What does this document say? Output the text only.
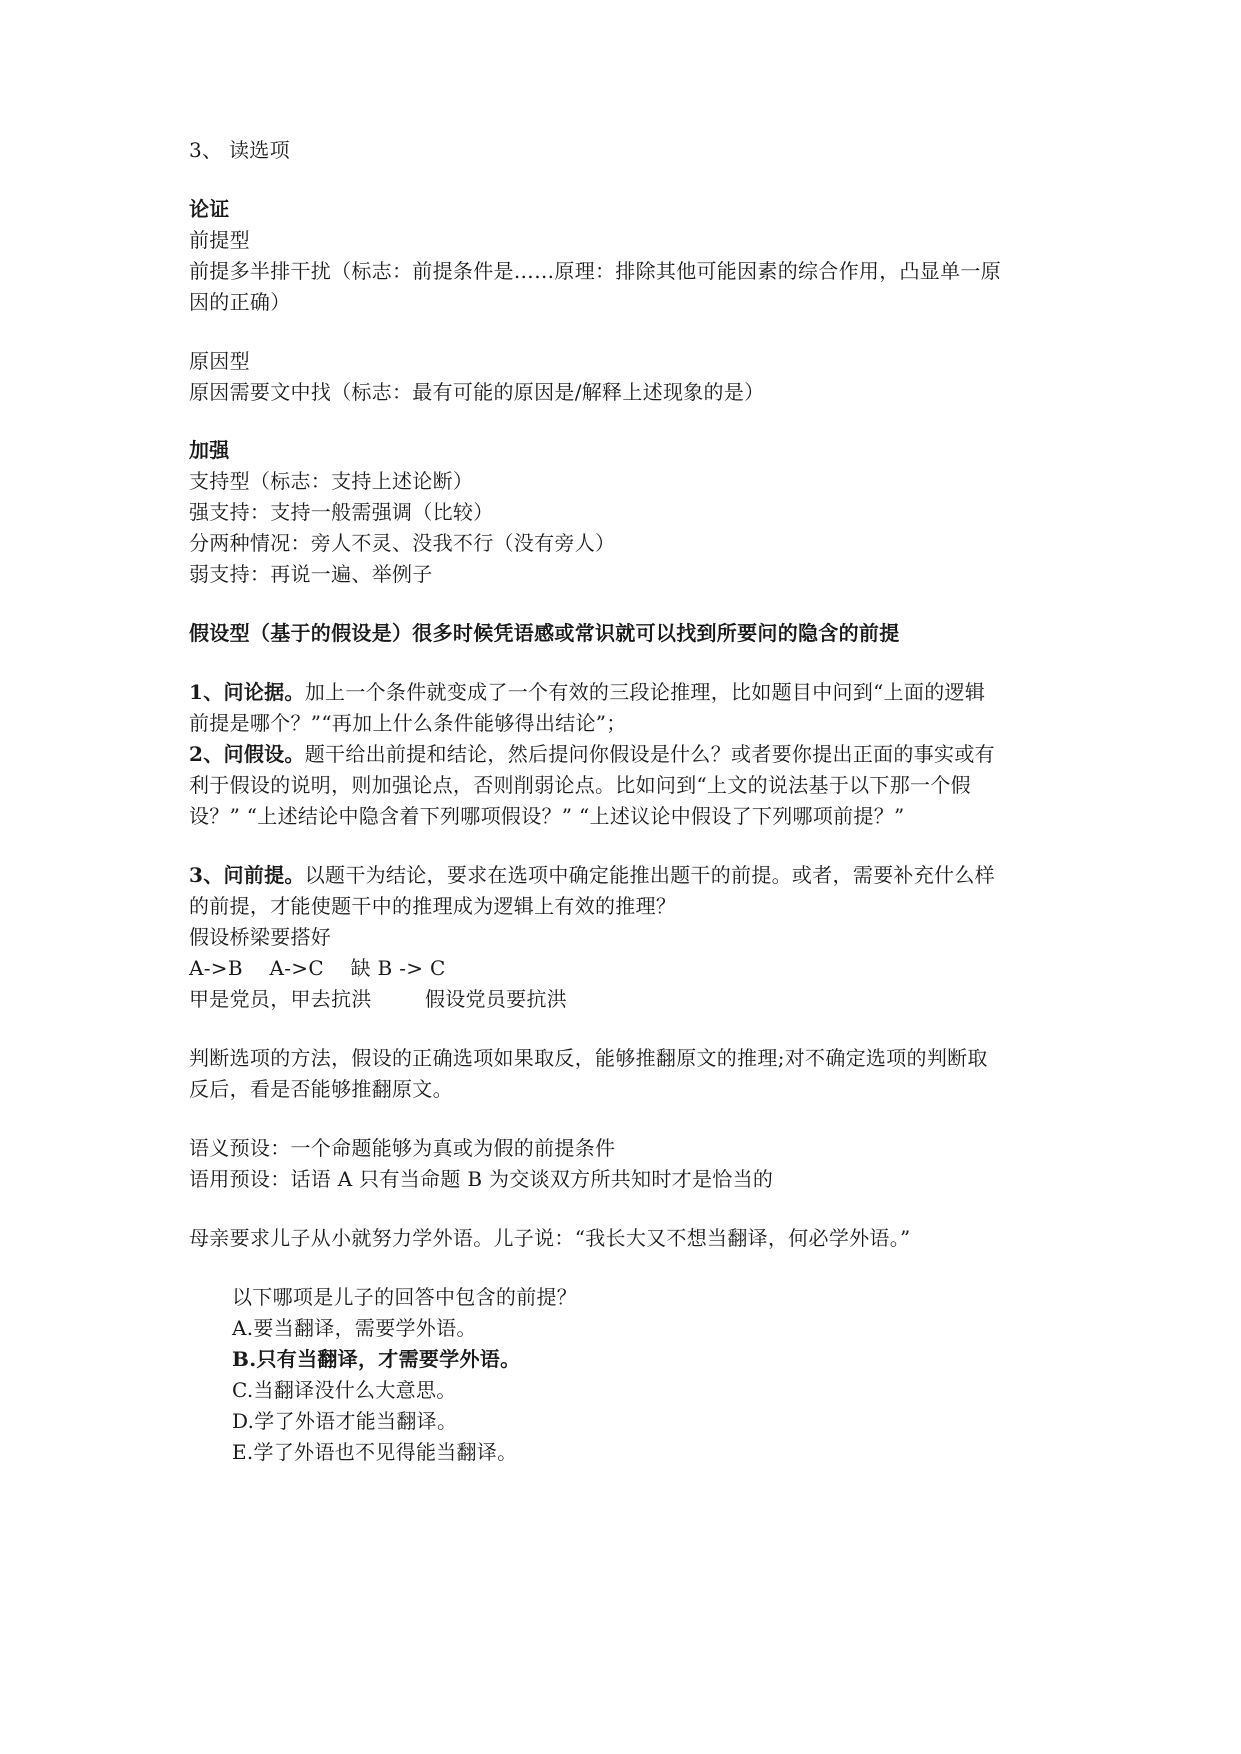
3、 读选项
论证
前提型
前提多半排干扰（标志：前提条件是……原理：排除其他可能因素的综合作用，凸显单一原
因的正确）
原因型
原因需要文中找（标志：最有可能的原因是/解释上述现象的是）
加强
支持型（标志：支持上述论断）
强支持：支持一般需强调（比较）
分两种情况：旁人不灵、没我不行（没有旁人）
弱支持：再说一遍、举例子
假设型（基于的假设是）很多时候凭语感或常识就可以找到所要问的隐含的前提
1、问论据。加上一个条件就变成了一个有效的三段论推理，比如题目中问到“上面的逻辑
前提是哪个？”“再加上什么条件能够得出结论”；
2、问假设。题干给出前提和结论，然后提问你假设是什么？或者要你提出正面的事实或有
利于假设的说明，则加强论点，否则削弱论点。比如问到“上文的说法基于以下那一个假
设？” “上述结论中隐含着下列哪项假设？” “上述议论中假设了下列哪项前提？”
3、问前提。以题干为结论，要求在选项中确定能推出题干的前提。或者，需要补充什么样
的前提，才能使题干中的推理成为逻辑上有效的推理？
假设桥梁要搭好
A->B    A->C    缺 B -> C
甲是党员，甲去抗洪        假设党员要抗洪
判断选项的方法，假设的正确选项如果取反，能够推翻原文的推理;对不确定选项的判断取
反后，看是否能够推翻原文。
语义预设：一个命题能够为真或为假的前提条件
语用预设：话语 A 只有当命题 B 为交谈双方所共知时才是恰当的
母亲要求儿子从小就努力学外语。儿子说：“我长大又不想当翻译，何必学外语。”
以下哪项是儿子的回答中包含的前提？
A.要当翻译，需要学外语。
B.只有当翻译，才需要学外语。
C.当翻译没什么大意思。
D.学了外语才能当翻译。
E.学了外语也不见得能当翻译。
